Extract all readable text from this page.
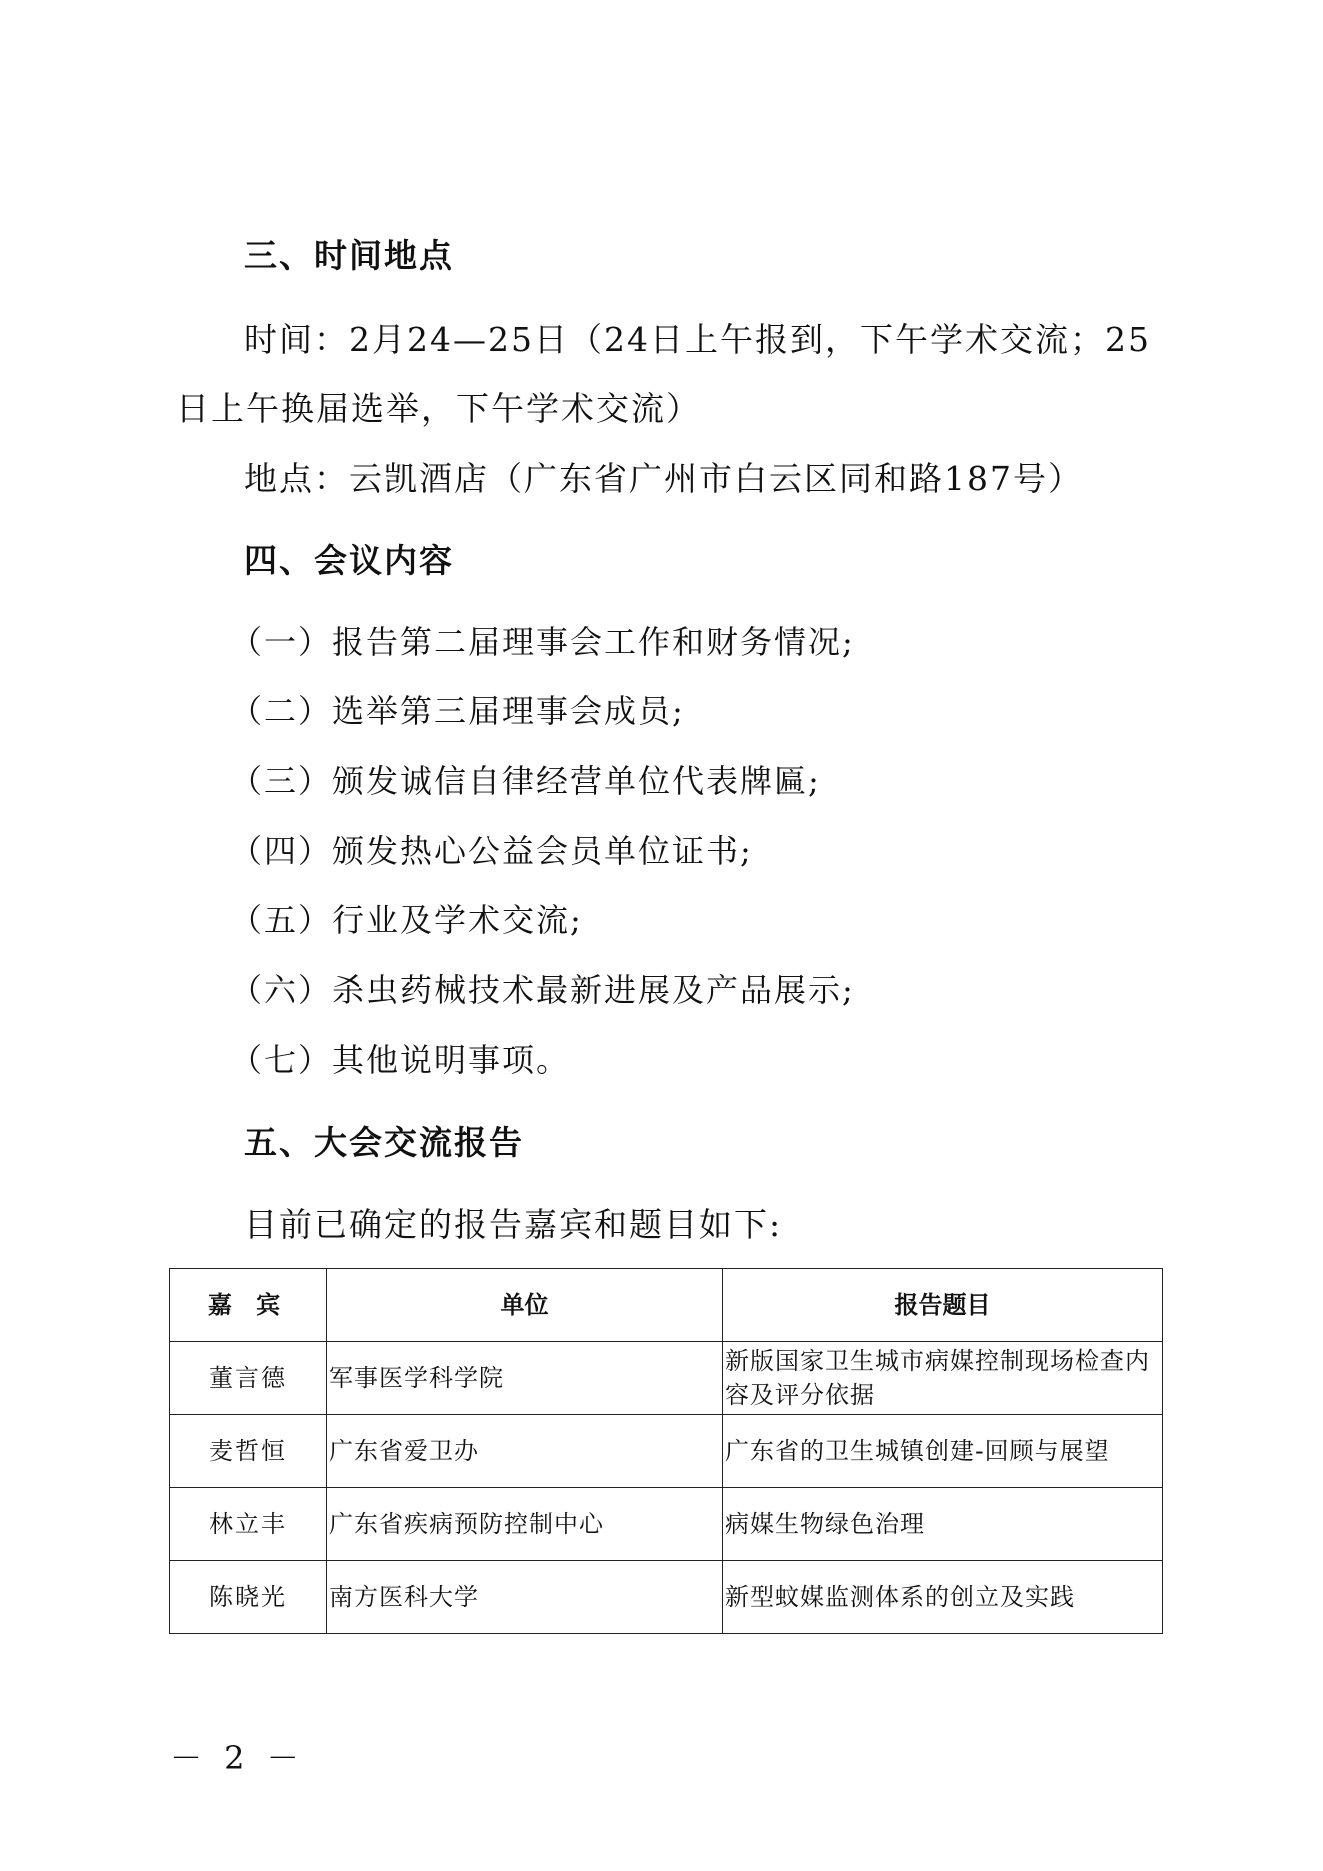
三、时间地点
时间：2月24—25日（24日上午报到，下午学术交流；25
日上午换届选举，下午学术交流）
地点：云凯酒店（广东省广州市白云区同和路187号）
四、会议内容
（一）报告第二届理事会工作和财务情况;
（二）选举第三届理事会成员;
（三）颁发诚信自律经营单位代表牌匾;
（四）颁发热心公益会员单位证书;
（五）行业及学术交流;
（六）杀虫药械技术最新进展及产品展示;
（七）其他说明事项。
五、大会交流报告
目前已确定的报告嘉宾和题目如下:
嘉 宾	单位	报告题目
董言德	军事医学科学院	新版国家卫生城市病媒控制现场检查内容及评分依据
麦哲恒	广东省爱卫办	广东省的卫生城镇创建-回顾与展望
林立丰	广东省疾病预防控制中心	病媒生物绿色治理
陈晓光	南方医科大学	新型蚊媒监测体系的创立及实践
－ 2 －
